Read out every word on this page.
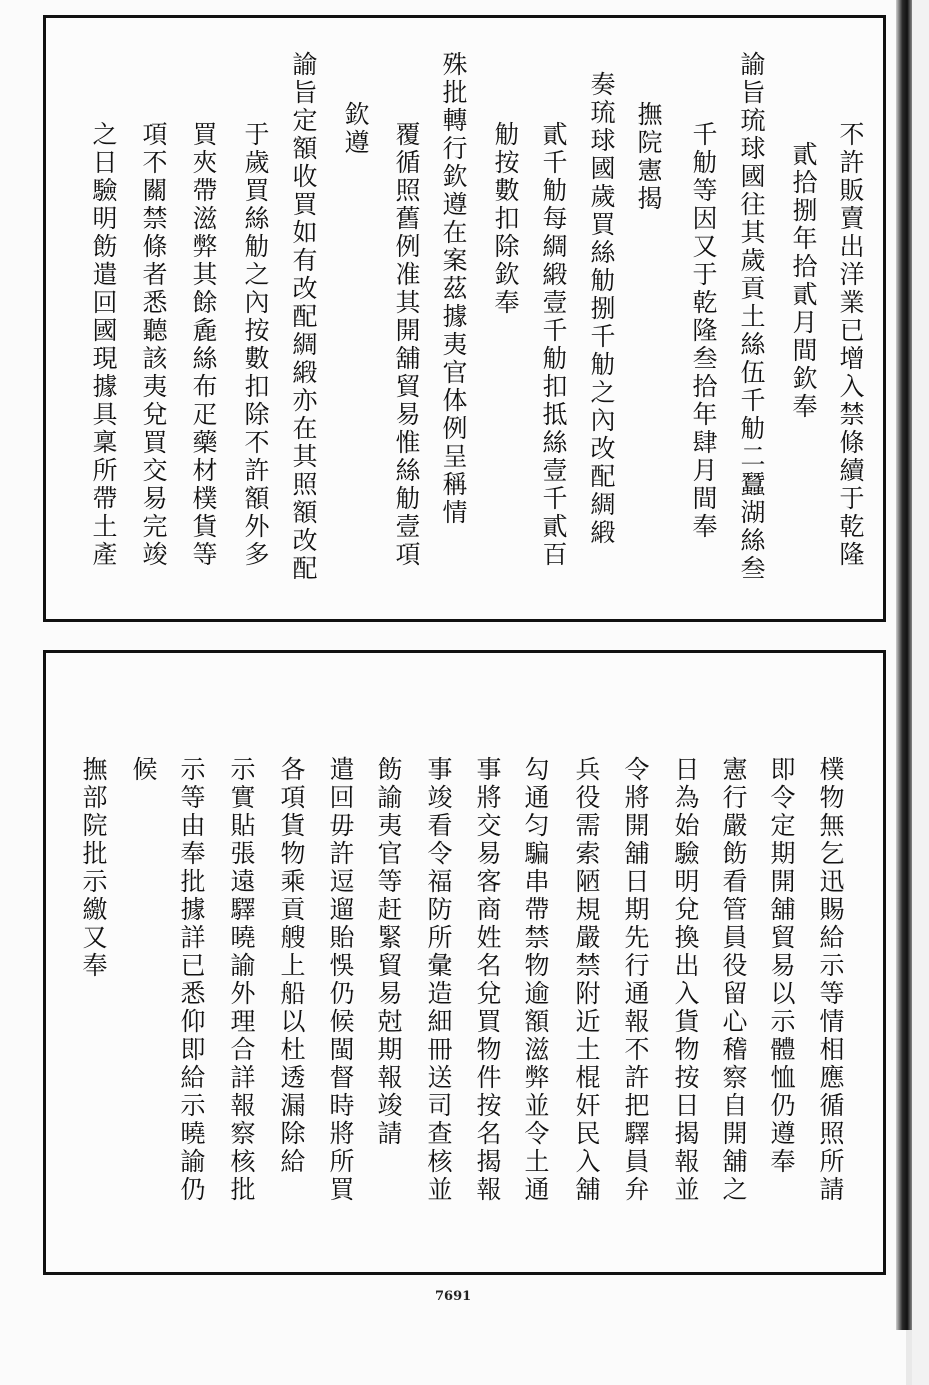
不許販賣出洋業已增入禁條續于乾隆
貳拾捌年拾貳月間欽奉
諭旨琉球國往其歲貢土絲伍千觔二蠶湖絲叁
千觔等因又于乾隆叁拾年肆月間奉
撫院憲揭
奏琉球國歲買絲觔捌千觔之內改配綢緞
貳千觔每綢緞壹千觔扣抵絲壹千貳百
觔按數扣除欽奉
殊批轉行欽遵在案茲據夷官体例呈稱情
覆循照舊例准其開舖貿易惟絲觔壹項
欽遵
諭旨定額收買如有改配綢緞亦在其照額改配
于歲買絲觔之內按數扣除不許額外多
買夾帶滋弊其餘麁絲布疋藥材樸貨等
項不關禁條者悉聽該夷兌買交易完竣
之日驗明飭遣回國現據具稟所帶土產
樸物無乞迅賜給示等情相應循照所請
即令定期開舖貿易以示體恤仍遵奉
憲行嚴飭看管員役留心稽察自開舖之
日為始驗明兌換出入貨物按日揭報並
令將開舖日期先行通報不許把驛員弁
兵役需索陋規嚴禁附近土棍奸民入舖
勾通匀騙串帶禁物逾額滋弊並令土通
事將交易客商姓名兌買物件按名揭報
事竣看令福防所彙造細冊送司查核並
飭諭夷官等赶緊貿易尅期報竣請
遣回毋許逗遛貽悞仍候閩督時將所買
各項貨物乘貢艘上船以杜透漏除給
示實貼張遠驛曉諭外理合詳報察核批
示等由奉批據詳已悉仰即給示曉諭仍
候
撫部院批示繳又奉
7691
